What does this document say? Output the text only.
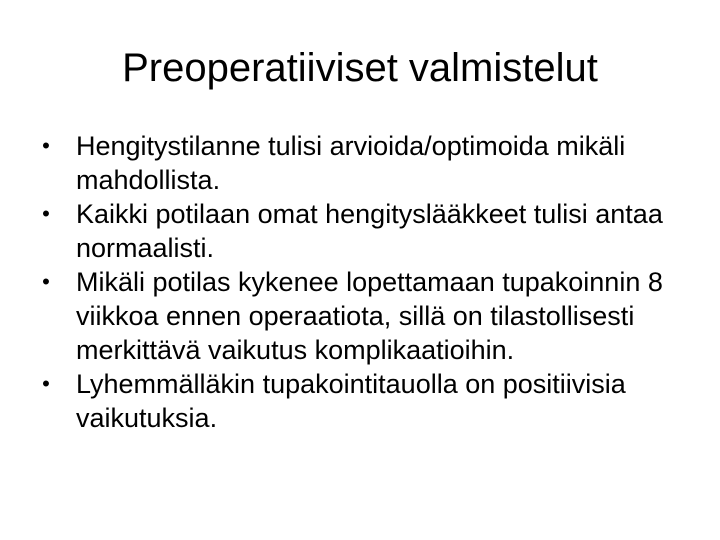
Preoperatiiviset valmistelut
• Hengitystilanne tulisi arvioida/optimoida mikäli mahdollista.
• Kaikki potilaan omat hengityslääkkeet tulisi antaa normaalisti.
• Mikäli potilas kykenee lopettamaan tupakoinnin 8 viikkoa ennen operaatiota, sillä on tilastollisesti merkittävä vaikutus komplikaatioihin.
• Lyhemmälläkin tupakointitauolla on positiivisia vaikutuksia.
